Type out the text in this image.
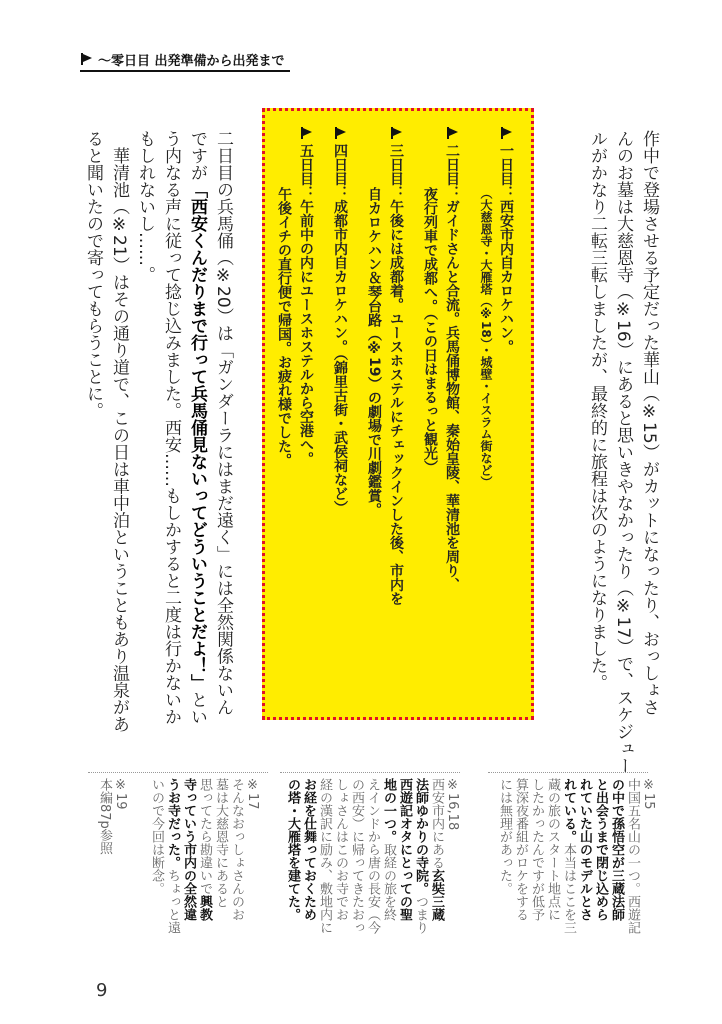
～零日目 出発準備から出発まで
作中で登場させる予定だった華山（※15）がカットになったり、おっしょさ
んのお墓は大慈恩寺（※16）にあると思いきやなかったり（※17）で、スケジュー
ルがかなり二転三転しましたが、最終的に旅程は次のようになりました。
一日目：西安市内自カロケハン。
（大慈恩寺・大雁塔（※18）・城壁・イスラム街など）
二日目：ガイドさんと合流。兵馬俑博物館、秦始皇陵、華清池を周り、
夜行列車で成都へ。（この日はまるっと観光）
三日目：午後には成都着。ユースホステルにチェックインした後、市内を
自カロケハン＆琴台路（※19）の劇場で川劇鑑賞。
四日目：成都市内自カロケハン。（錦里古街・武侯祠など）
五日目：午前中の内にユースホステルから空港へ。
午後イチの直行便で帰国。お疲れ様でした。
二日目の兵馬俑（※20）は「ガンダーラにはまだ遠く」には全然関係ないん
ですが「西安くんだりまで行って兵馬俑見ないってどういうことだよ！」とい
う内なる声に従って捻じ込みました。西安……もしかすると二度は行かないか
もしれないし……。
華清池（※21）はその通り道で、この日は車中泊ということもあり温泉があ
ると聞いたので寄ってもらうことに。
※15
中国五名山の一つ。西遊記
の中で孫悟空が三蔵法師
と出会うまで閉じ込めら
れていた山のモデルとさ
れている。本当はここを三
蔵の旅のスタート地点に
したかったんですが低予
算深夜番組がロケをする
には無理があった。
※16,18
西安市内にある玄奘三蔵
法師ゆかりの寺院。つまり
西遊記オタにとっての聖
地の一つ。取経の旅を終
えインドから唐の長安（今
の西安）に帰ってきたおっ
しょさんはこのお寺でお
経の漢訳に励み、敷地内に
お経を仕舞っておくため
の塔・大雁塔を建てた。
※17
そんなおっしょさんのお
墓は大慈恩寺にあると
思ってたら勘違いで興教
寺っていう市内の全然違
うお寺だった。ちょっと遠
いので今回は断念。
※19
本編87p参照
9
